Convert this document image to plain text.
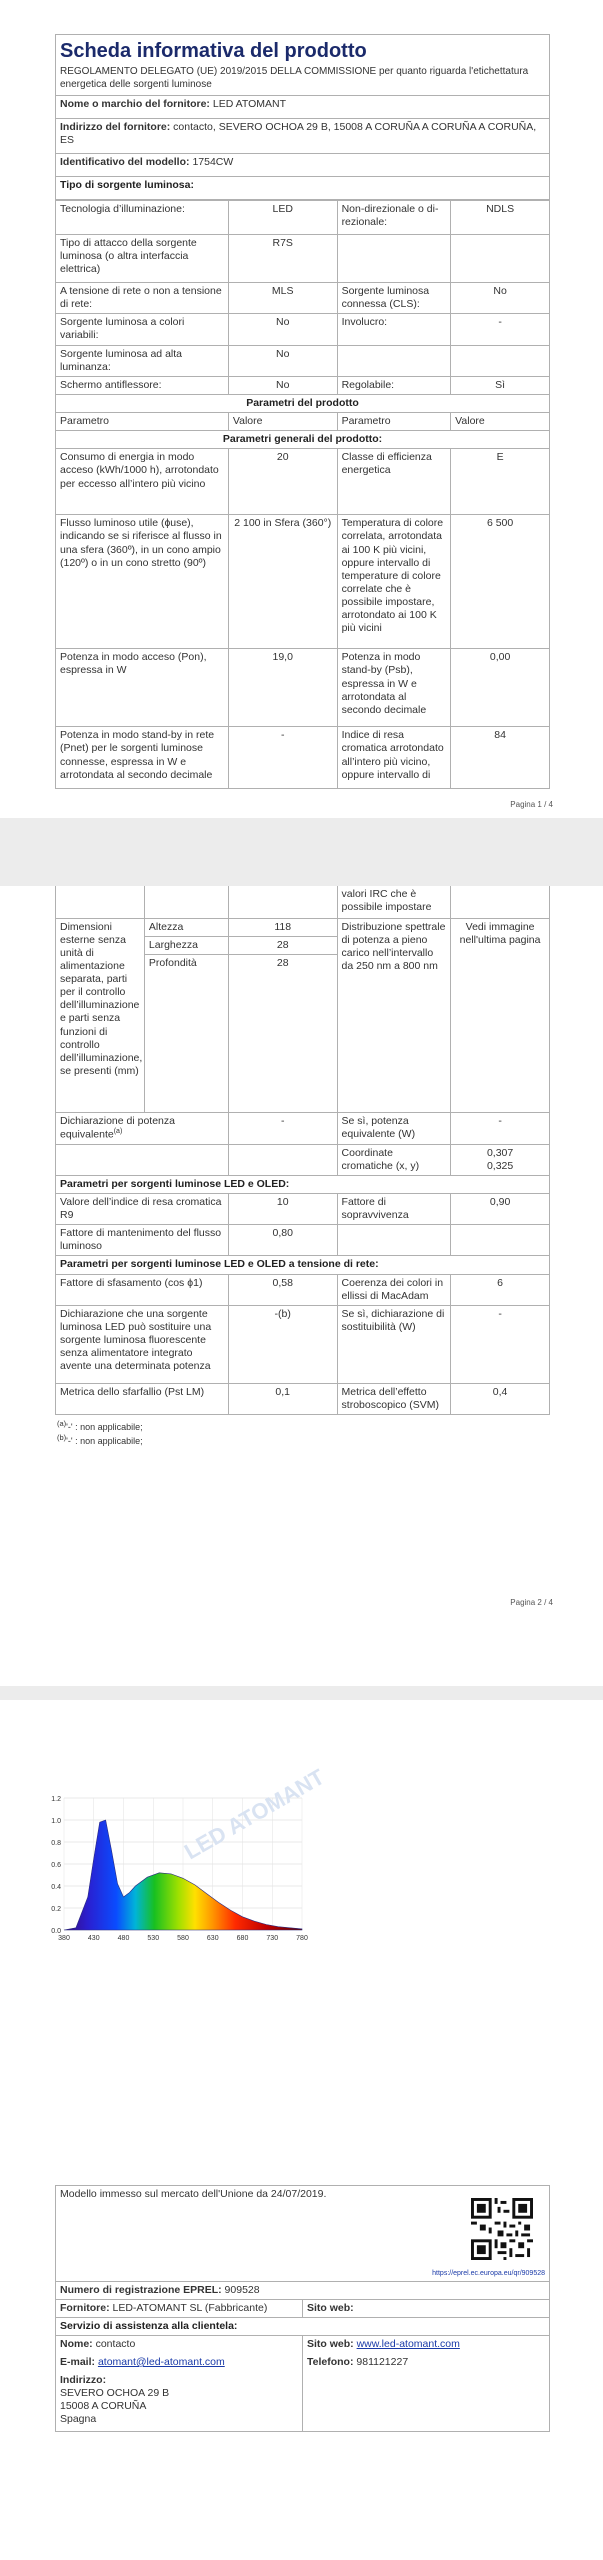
Scheda informativa del prodotto
REGOLAMENTO DELEGATO (UE) 2019/2015 DELLA COMMISSIONE per quanto riguarda l'etichettatura energetica delle sorgenti luminose

Nome o marchio del fornitore: LED ATOMANT
Indirizzo del fornitore: contacto, SEVERO OCHOA 29 B, 15008 A CORUÑA A CORUÑA A CORUÑA, ES
Identificativo del modello: 1754CW
Tipo di sorgente luminosa:
Tecnologia d’illuminazione:	LED	Non-direzionale o di-rezionale:	NDLS
Tipo di attacco della sorgente luminosa (o altra interfaccia elettrica)	R7S		
A tensione di rete o non a tensione di rete:	MLS	Sorgente luminosa connessa (CLS):	No
Sorgente luminosa a colori variabili:	No	Involucro:	-
Sorgente luminosa ad alta luminanza:	No		
Schermo antiflessore:	No	Regolabile:	Sì
Parametri del prodotto			
Parametro	Valore	Parametro	Valore
Parametri generali del prodotto:			
Consumo di energia in modo acceso (kWh/1000 h), arrotondato per eccesso all’intero più vicino	20	Classe di efficienza energetica	E
Flusso luminoso utile (ɸuse), indicando se si riferisce al flusso in una sfera (360º), in un cono ampio (120º) o in un cono stretto (90º)	2 100 in Sfera (360°)	Temperatura di colore correlata, arrotondata ai 100 K più vicini, oppure intervallo di temperature di colore correlate che è possibile impostare, arrotondato ai 100 K più vicini	6 500
Potenza in modo acceso (Pon), espressa in W	19,0	Potenza in modo stand-by (Psb), espressa in W e arrotondata al secondo decimale	0,00
Potenza in modo stand-by in rete (Pnet) per le sorgenti luminose connesse, espressa in W e arrotondata al secondo decimale	-	Indice di resa cromatica arrotondato all’intero più vicino, oppure intervallo di	84
Pagina 1 / 4
			valori IRC che è possibile impostare	
Dimensioni esterne senza unità di alimentazione separata, parti per il controllo dell’illuminazione e parti senza funzioni di controllo dell’illuminazione, se presenti (mm)	Altezza	118	Distribuzione spettrale di potenza a pieno carico nell’intervallo da 250 nm a 800 nm	Vedi immagine nell'ultima pagina
	Larghezza	28		
	Profondità	28		
Dichiarazione di potenza equivalente$^{(a)}$		-	Se sì, potenza equivalente (W)	-
			Coordinate cromatiche (x, y)	0,307
0,325

Parametri per sorgenti luminose LED e OLED:				
Valore dell’indice di resa cromatica R9		10	Fattore di sopravvivenza	0,90
Fattore di mantenimento del flusso luminoso		0,80		
Parametri per sorgenti luminose LED e OLED a tensione di rete:				
Fattore di sfasamento (cos ϕ1)		0,58	Coerenza dei colori in ellissi di MacAdam	6
Dichiarazione che una sorgente luminosa LED può sostituire una sorgente luminosa fluorescente senza alimentatore integrato avente una determinata potenza		-(b)	Se sì, dichiarazione di sostituibilità (W)	-
Metrica dello sfarfallio (Pst LM)		0,1	Metrica dell’effetto stroboscopico (SVM)	0,4
$^{(a)}$'-' : non applicabile;
$^{(b)}$'-' : non applicabile;
Pagina 2 / 4
LED ATOMANT
0.0
0.2
0.4
0.6
0.8
1.0
1.2
380	430	480	530	580	630	680	730	780
Modello immesso sul mercato dell'Unione da 24/07/2019.
https://eprel.ec.europa.eu/qr/909528	

Numero di registrazione EPREL: 909528	
Fornitore: LED-ATOMANT SL (Fabbricante)	Sito web:
Servizio di assistenza alla clientela:	
Nome: contacto	Sito web: www.led-atomant.com
E-mail: atomant@led-atomant.com	Telefono: 981121227

Indirizzo:
SEVERO OCHOA 29 B
15008 A CORUÑA
Spagna	
